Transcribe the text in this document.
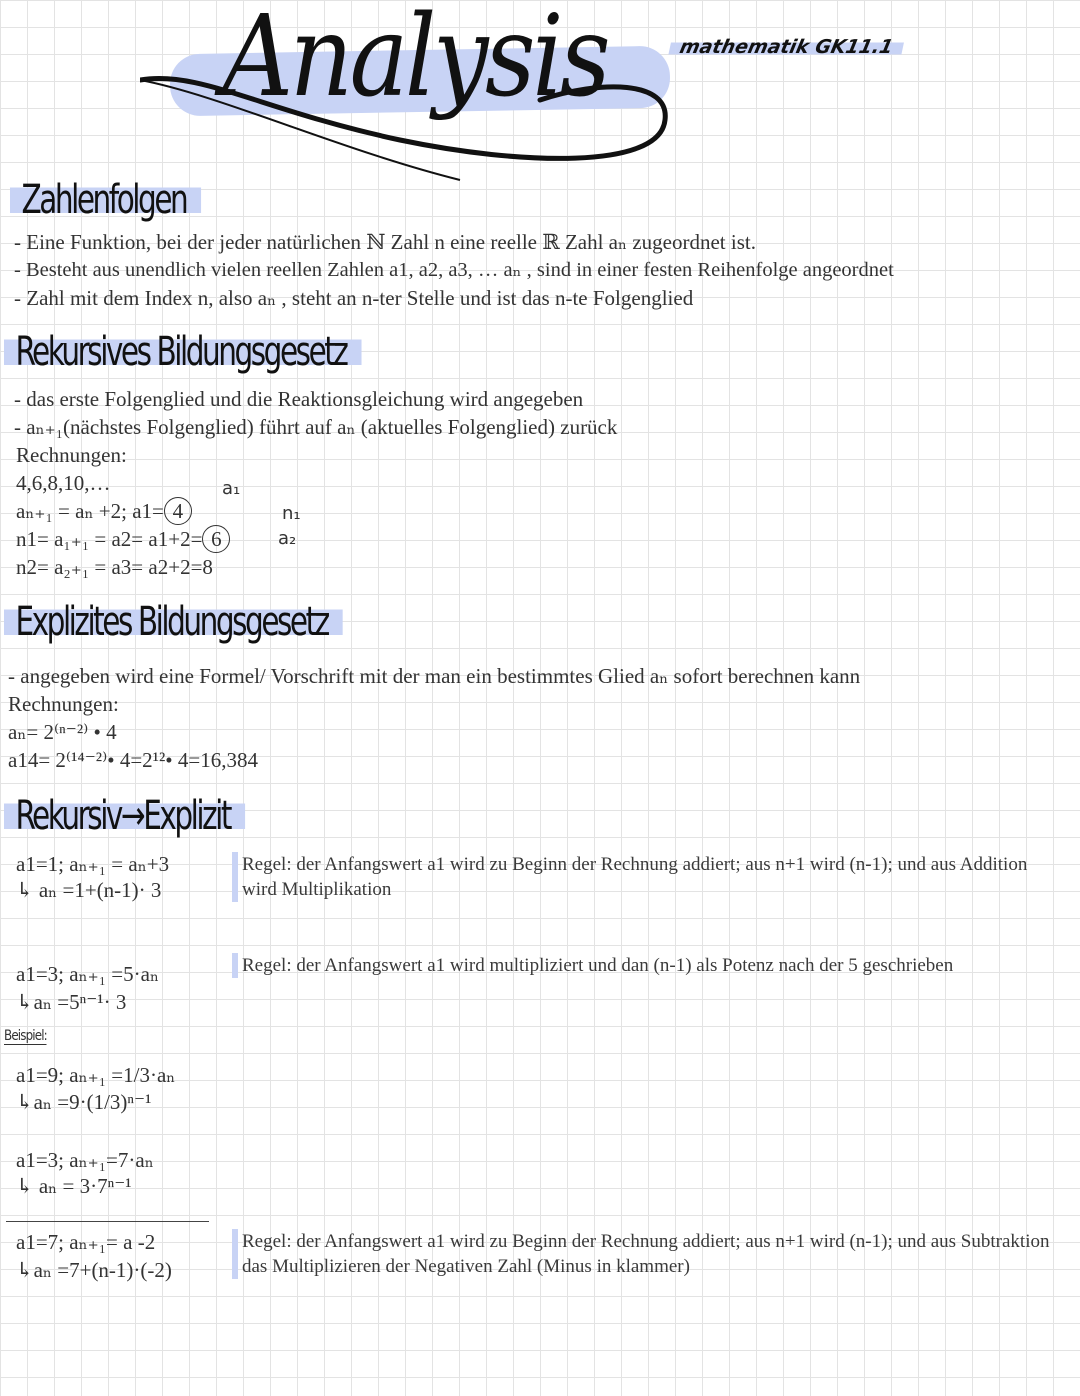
Analysis	mathematik GK11.1
Zahlenfolgen
- Eine Funktion, bei der jeder natürlichen ℕ Zahl n eine reelle ℝ Zahl aₙ zugeordnet ist.
- Besteht aus unendlich vielen reellen Zahlen a1, a2, a3, … aₙ , sind in einer festen Reihenfolge angeordnet
- Zahl mit dem Index n, also aₙ , steht an n-ter Stelle und ist das n-te Folgenglied
Rekursives Bildungsgesetz
- das erste Folgenglied und die Reaktionsgleichung wird angegeben
- aₙ₊₁(nächstes Folgenglied) führt auf aₙ (aktuelles Folgenglied) zurück
Rechnungen:
4,6,8,10,…
aₙ₊₁ = aₙ +2; a1= 4
n1= a₁₊₁ = a2= a1+2= 6
n2= a₂₊₁ = a3= a2+2=8
a₁
n₁
a₂
Explizites Bildungsgesetz
- angegeben wird eine Formel/ Vorschrift mit der man ein bestimmtes Glied aₙ sofort berechnen kann
Rechnungen:
aₙ= 2⁽ⁿ⁻²⁾ • 4
a14= 2⁽¹⁴⁻²⁾• 4=2¹²• 4=16,384
Rekursiv→Explizit
a1=1; aₙ₊₁ = aₙ+3
↳ aₙ =1+(n-1)· 3
Regel: der Anfangswert a1 wird zu Beginn der Rechnung addiert; aus n+1 wird (n-1); und aus Addition wird Multiplikation
a1=3; aₙ₊₁ =5·aₙ
↳aₙ =5ⁿ⁻¹· 3
Regel: der Anfangswert a1 wird multipliziert und dan (n-1) als Potenz nach der 5 geschrieben
Beispiel:
a1=9; aₙ₊₁ =1/3·aₙ
↳aₙ =9·(1/3)ⁿ⁻¹
a1=3; aₙ₊₁=7·aₙ
↳ aₙ = 3·7ⁿ⁻¹
a1=7; aₙ₊₁= a -2
↳aₙ =7+(n-1)·(-2)
Regel: der Anfangswert a1 wird zu Beginn der Rechnung addiert; aus n+1 wird (n-1); und aus Subtraktion das Multiplizieren der Negativen Zahl (Minus in klammer)
